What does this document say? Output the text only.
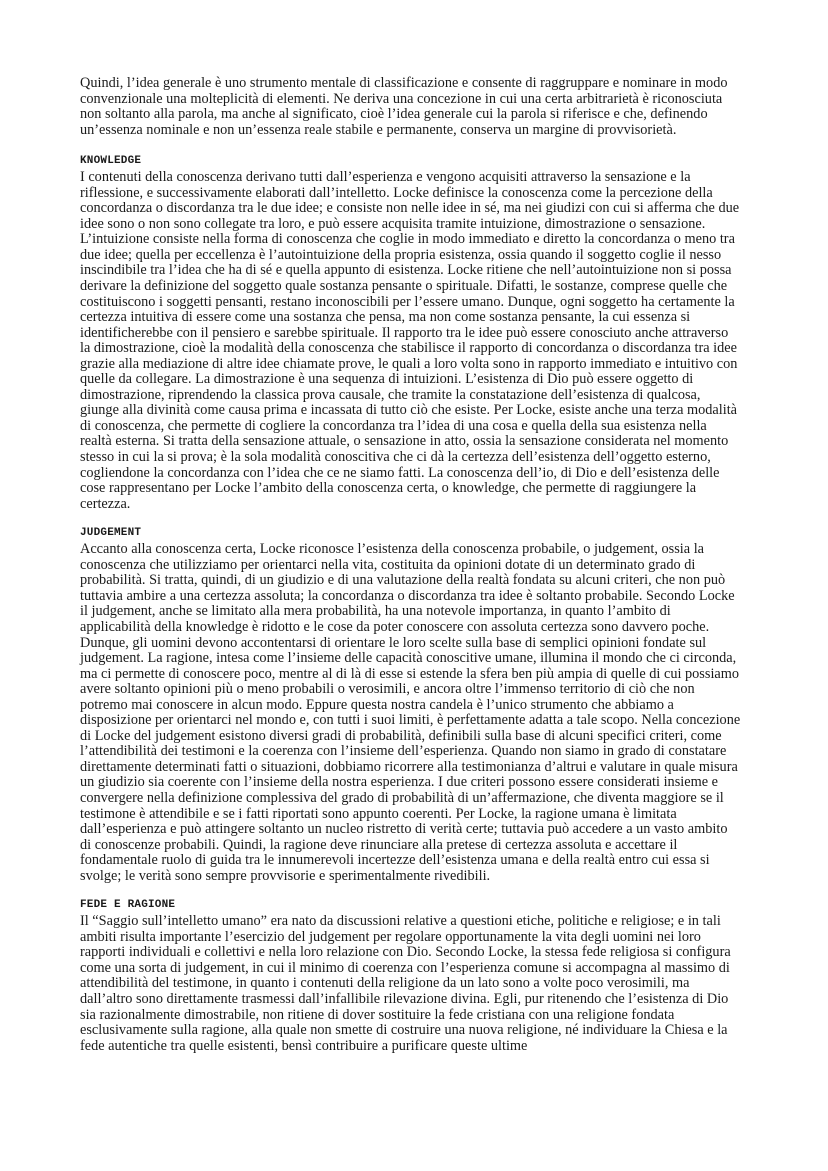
Quindi, l’idea generale è uno strumento mentale di classificazione e consente di raggruppare e nominare in modo convenzionale una molteplicità di elementi. Ne deriva una concezione in cui una certa arbitrarietà è riconosciuta non soltanto alla parola, ma anche al significato, cioè l’idea generale cui la parola si riferisce e che, definendo un’essenza nominale e non un’essenza reale stabile e permanente, conserva un margine di provvisorietà.

KNOWLEDGE

I contenuti della conoscenza derivano tutti dall’esperienza e vengono acquisiti attraverso la sensazione e la riflessione, e successivamente elaborati dall’intelletto. Locke definisce la conoscenza come la percezione della concordanza o discordanza tra le due idee; e consiste non nelle idee in sé, ma nei giudizi con cui si afferma che due idee sono o non sono collegate tra loro, e può essere acquisita tramite intuizione, dimostrazione o sensazione. L’intuizione consiste nella forma di conoscenza che coglie in modo immediato e diretto la concordanza o meno tra due idee; quella per eccellenza è l’autointuizione della propria esistenza, ossia quando il soggetto coglie il nesso inscindibile tra l’idea che ha di sé e quella appunto di esistenza. Locke ritiene che nell’autointuizione non si possa derivare la definizione del soggetto quale sostanza pensante o spirituale. Difatti, le sostanze, comprese quelle che costituiscono i soggetti pensanti, restano inconoscibili per l’essere umano. Dunque, ogni soggetto ha certamente la certezza intuitiva di essere come una sostanza che pensa, ma non come sostanza pensante, la cui essenza si identificherebbe con il pensiero e sarebbe spirituale. Il rapporto tra le idee può essere conosciuto anche attraverso la dimostrazione, cioè la modalità della conoscenza che stabilisce il rapporto di concordanza o discordanza tra idee grazie alla mediazione di altre idee chiamate prove, le quali a loro volta sono in rapporto immediato e intuitivo con quelle da collegare. La dimostrazione è una sequenza di intuizioni. L’esistenza di Dio può essere oggetto di dimostrazione, riprendendo la classica prova causale, che tramite la constatazione dell’esistenza di qualcosa, giunge alla divinità come causa prima e incassata di tutto ciò che esiste. Per Locke, esiste anche una terza modalità di conoscenza, che permette di cogliere la concordanza tra l’idea di una cosa e quella della sua esistenza nella realtà esterna. Si tratta della sensazione attuale, o sensazione in atto, ossia la sensazione considerata nel momento stesso in cui la si prova; è la sola modalità conoscitiva che ci dà la certezza dell’esistenza dell’oggetto esterno, cogliendone la concordanza con l’idea che ce ne siamo fatti. La conoscenza dell’io, di Dio e dell’esistenza delle cose rappresentano per Locke l’ambito della conoscenza certa, o knowledge, che permette di raggiungere la certezza.

JUDGEMENT

Accanto alla conoscenza certa, Locke riconosce l’esistenza della conoscenza probabile, o judgement, ossia la conoscenza che utilizziamo per orientarci nella vita, costituita da opinioni dotate di un determinato grado di probabilità. Si tratta, quindi, di un giudizio e di una valutazione della realtà fondata su alcuni criteri, che non può tuttavia ambire a una certezza assoluta; la concordanza o discordanza tra idee è soltanto probabile. Secondo Locke il judgement, anche se limitato alla mera probabilità, ha una notevole importanza, in quanto l’ambito di applicabilità della knowledge è ridotto e le cose da poter conoscere con assoluta certezza sono davvero poche. Dunque, gli uomini devono accontentarsi di orientare le loro scelte sulla base di semplici opinioni fondate sul judgement. La ragione, intesa come l’insieme delle capacità conoscitive umane, illumina il mondo che ci circonda, ma ci permette di conoscere poco, mentre al di là di esse si estende la sfera ben più ampia di quelle di cui possiamo avere soltanto opinioni più o meno probabili o verosimili, e ancora oltre l’immenso territorio di ciò che non potremo mai conoscere in alcun modo. Eppure questa nostra candela è l’unico strumento che abbiamo a disposizione per orientarci nel mondo e, con tutti i suoi limiti, è perfettamente adatta a tale scopo. Nella concezione di Locke del judgement esistono diversi gradi di probabilità, definibili sulla base di alcuni specifici criteri, come l’attendibilità dei testimoni e la coerenza con l’insieme dell’esperienza. Quando non siamo in grado di constatare direttamente determinati fatti o situazioni, dobbiamo ricorrere alla testimonianza d’altrui e valutare in quale misura un giudizio sia coerente con l’insieme della nostra esperienza. I due criteri possono essere considerati insieme e convergere nella definizione complessiva del grado di probabilità di un’affermazione, che diventa maggiore se il testimone è attendibile e se i fatti riportati sono appunto coerenti. Per Locke, la ragione umana è limitata dall’esperienza e può attingere soltanto un nucleo ristretto di verità certe; tuttavia può accedere a un vasto ambito di conoscenze probabili. Quindi, la ragione deve rinunciare alla pretese di certezza assoluta e accettare il fondamentale ruolo di guida tra le innumerevoli incertezze dell’esistenza umana e della realtà entro cui essa si svolge; le verità sono sempre provvisorie e sperimentalmente rivedibili.

FEDE E RAGIONE

Il “Saggio sull’intelletto umano” era nato da discussioni relative a questioni etiche, politiche e religiose; e in tali ambiti risulta importante l’esercizio del judgement per regolare opportunamente la vita degli uomini nei loro rapporti individuali e collettivi e nella loro relazione con Dio. Secondo Locke, la stessa fede religiosa si configura come una sorta di judgement, in cui il minimo di coerenza con l’esperienza comune si accompagna al massimo di attendibilità del testimone, in quanto i contenuti della religione da un lato sono a volte poco verosimili, ma dall’altro sono direttamente trasmessi dall’infallibile rilevazione divina. Egli, pur ritenendo che l’esistenza di Dio sia razionalmente dimostrabile, non ritiene di dover sostituire la fede cristiana con una religione fondata esclusivamente sulla ragione, alla quale non smette di costruire una nuova religione, né individuare la Chiesa e la fede autentiche tra quelle esistenti, bensì contribuire a purificare queste ultime
